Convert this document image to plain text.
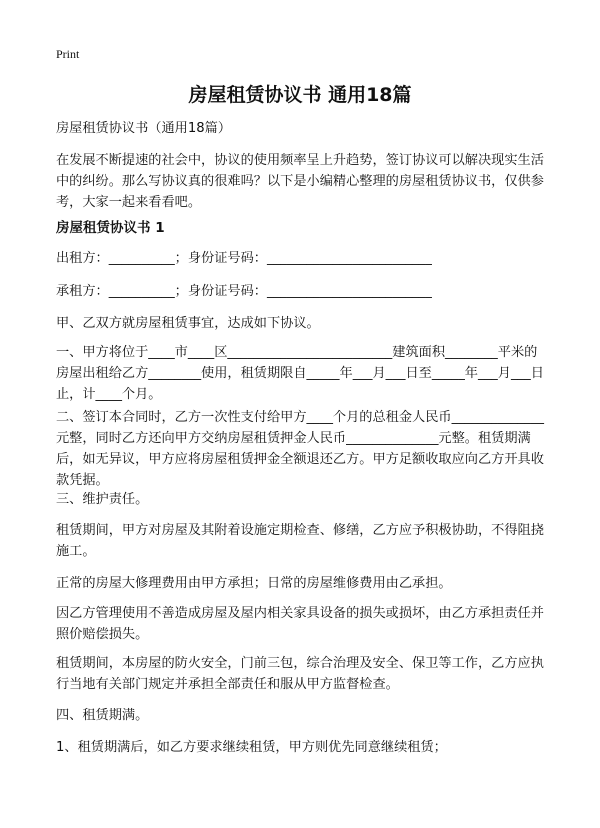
Print
房屋租赁协议书 通用18篇

房屋租赁协议书（通用18篇）

在发展不断提速的社会中，协议的使用频率呈上升趋势，签订协议可以解决现实生活中的纠纷。那么写协议真的很难吗？以下是小编精心整理的房屋租赁协议书，仅供参考，大家一起来看看吧。

房屋租赁协议书 1

出租方：__________；身份证号码：_________________________

承租方：__________；身份证号码：_________________________

甲、乙双方就房屋租赁事宜，达成如下协议。

一、甲方将位于____市____区_________________________建筑面积________平米的房屋出租给乙方________使用，租赁期限自_____年___月___日至_____年___月___日止，计____个月。

二、签订本合同时，乙方一次性支付给甲方____个月的总租金人民币______________元整，同时乙方还向甲方交纳房屋租赁押金人民币______________元整。租赁期满后，如无异议，甲方应将房屋租赁押金全额退还乙方。甲方足额收取应向乙方开具收款凭据。

三、维护责任。

租赁期间，甲方对房屋及其附着设施定期检查、修缮，乙方应予积极协助，不得阻挠施工。

正常的房屋大修理费用由甲方承担；日常的房屋维修费用由乙承担。

因乙方管理使用不善造成房屋及屋内相关家具设备的损失或损坏，由乙方承担责任并照价赔偿损失。

租赁期间，本房屋的防火安全，门前三包，综合治理及安全、保卫等工作，乙方应执行当地有关部门规定并承担全部责任和服从甲方监督检查。

四、租赁期满。

1、租赁期满后，如乙方要求继续租赁，甲方则优先同意继续租赁；
